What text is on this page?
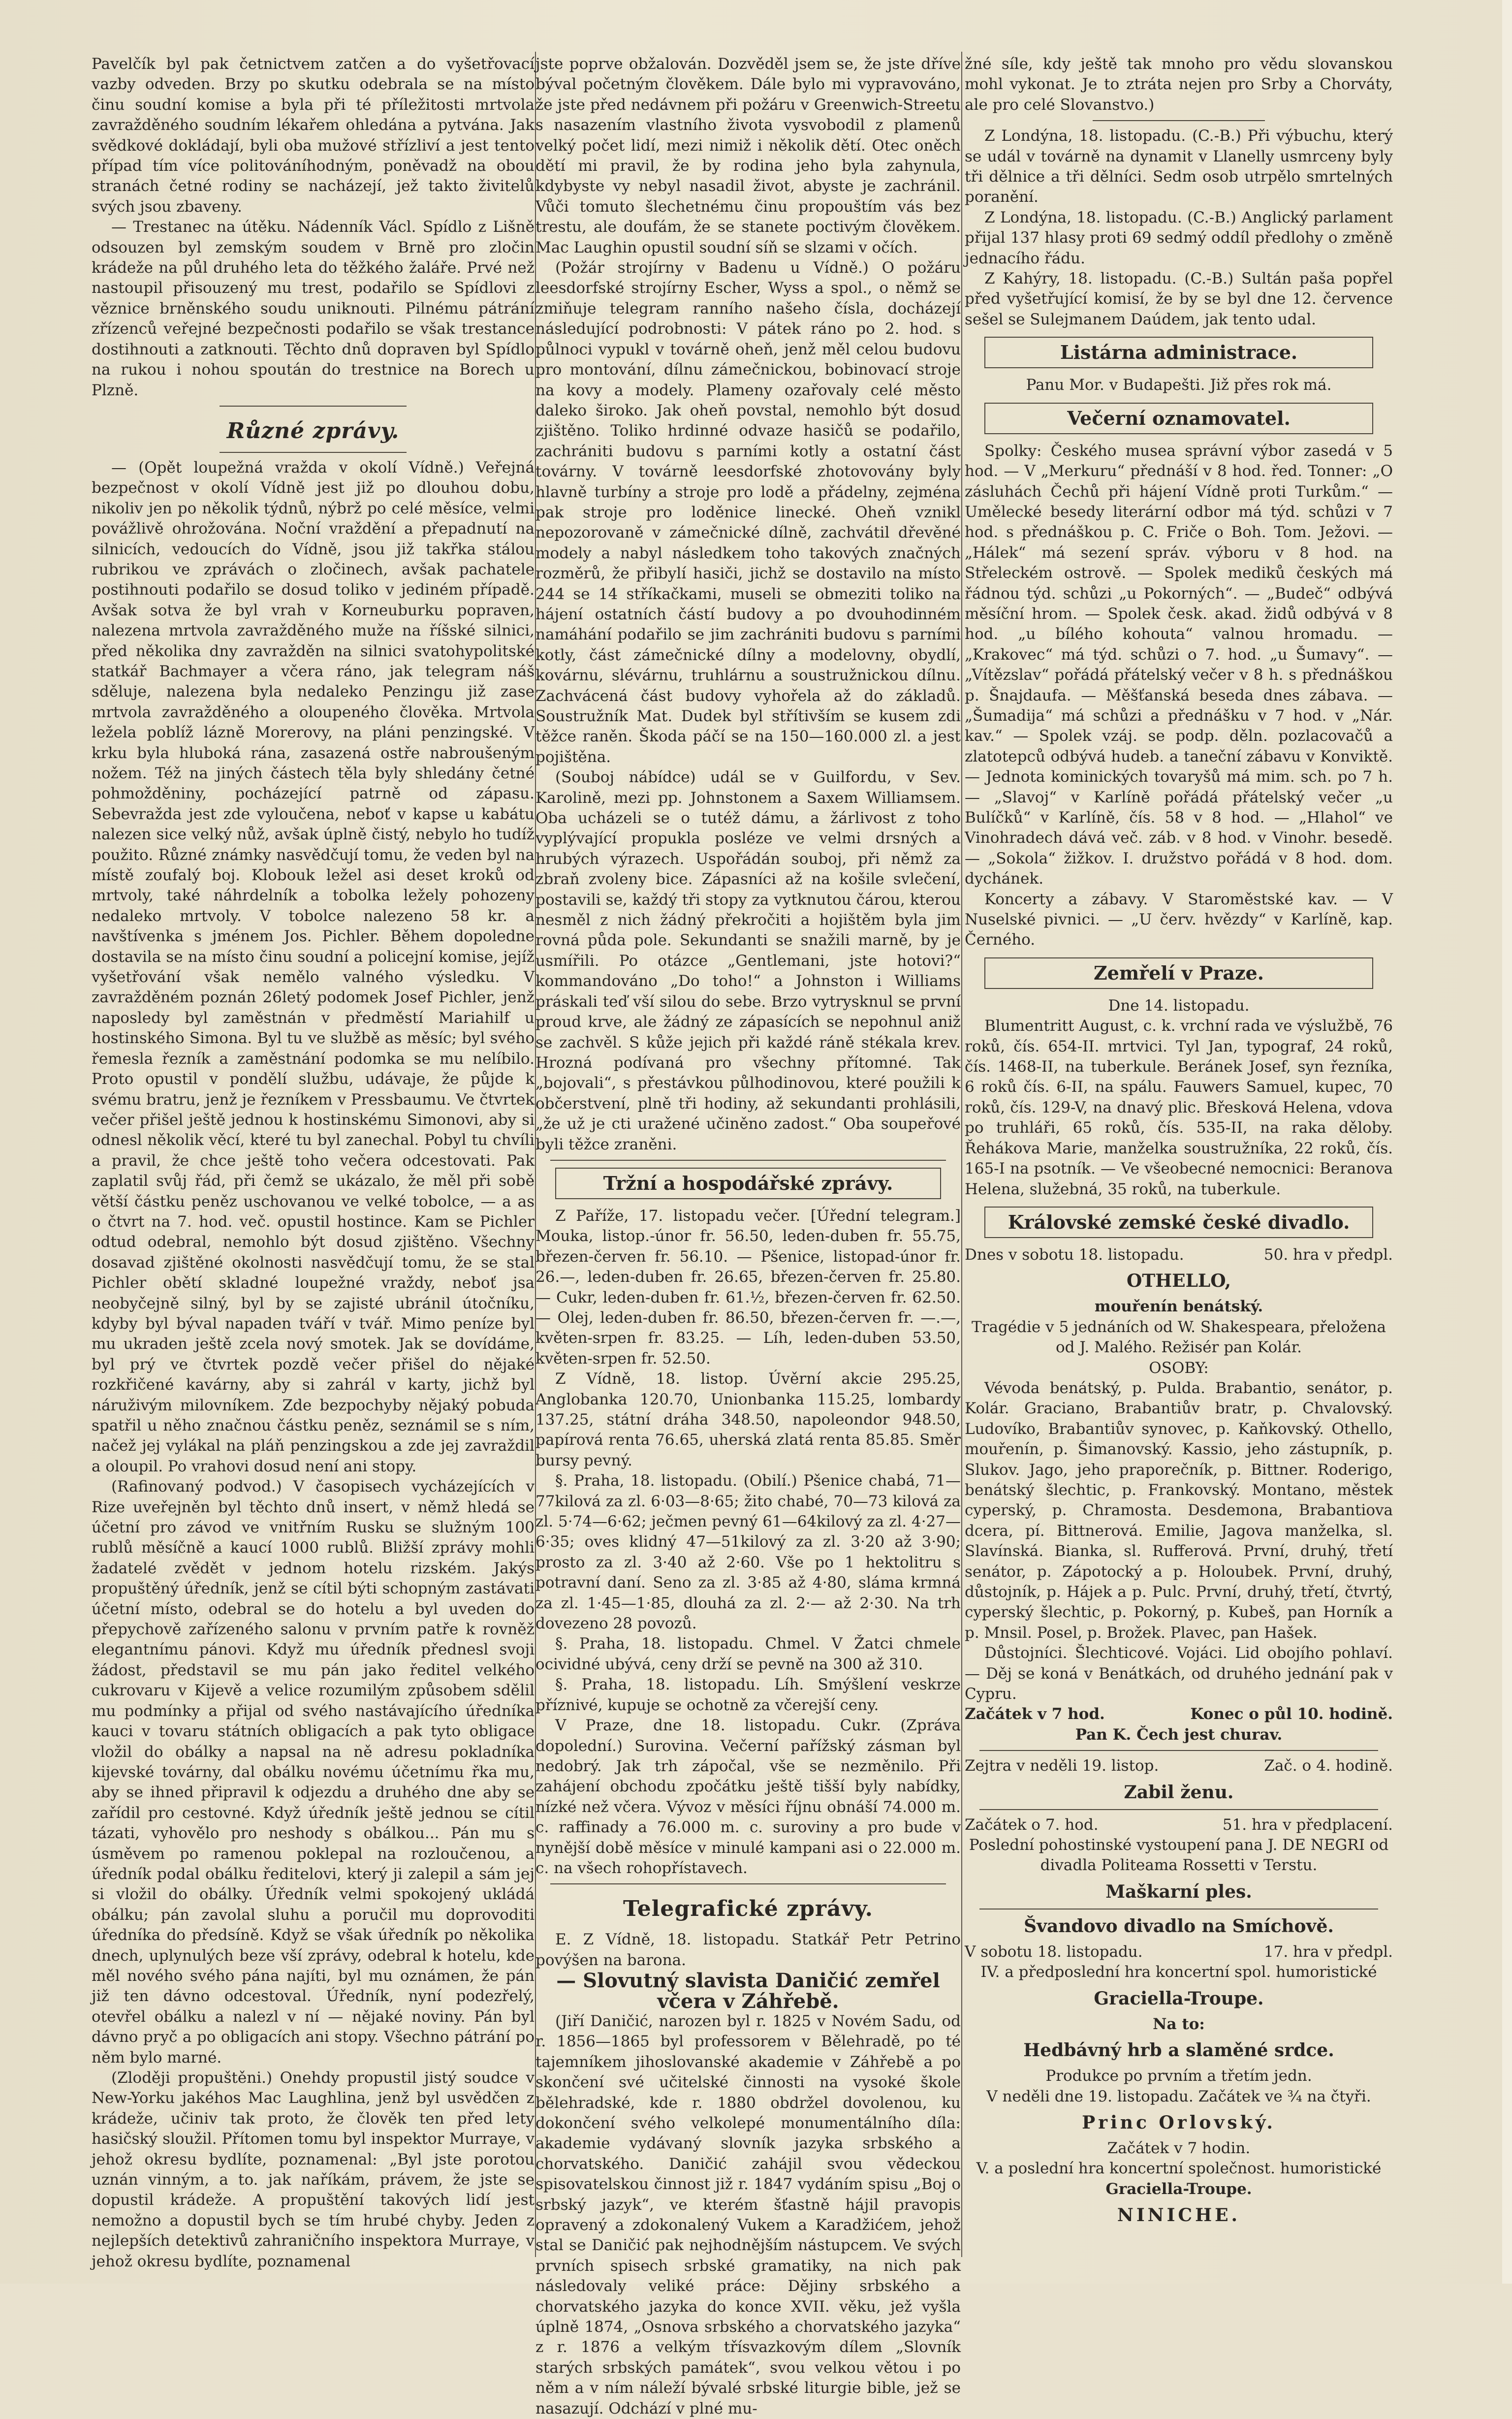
Pavelčík byl pak četnictvem zatčen a do vyšetřovací vazby odveden. Brzy po skutku odebrala se na místo činu soudní komise a byla při té příležitosti mrtvola zavražděného soudním lékařem ohledána a pytvána. Jak svědkové dokládají, byli oba mužové střízliví a jest tento případ tím více politováníhodným, poněvadž na obou stranách četné rodiny se nacházejí, jež takto živitelů svých jsou zbaveny.

— Trestanec na útěku. Nádenník Václ. Spídlo z Lišně odsouzen byl zemským soudem v Brně pro zločin krádeže na půl druhého leta do těžkého žaláře. Prvé než nastoupil přisouzený mu trest, podařilo se Spídlovi z věznice brněnského soudu uniknouti. Pilnému pátrání zřízenců veřejné bezpečnosti podařilo se však trestance dostihnouti a zatknouti. Těchto dnů dopraven byl Spídlo na rukou i nohou spoután do trestnice na Borech u Plzně.

Různé zprávy.

— (Opět loupežná vražda v okolí Vídně.) Veřejná bezpečnost v okolí Vídně jest již po dlouhou dobu, nikoliv jen po několik týdnů, nýbrž po celé měsíce, velmi povážlivě ohrožována. Noční vraždění a přepadnutí na silnicích, vedoucích do Vídně, jsou již takřka stálou rubrikou ve zprávách o zločinech, avšak pachatele postihnouti podařilo se dosud toliko v jediném případě. Avšak sotva že byl vrah v Korneuburku popraven, nalezena mrtvola zavražděného muže na říšské silnici, před několika dny zavražděn na silnici svatohypolitské statkář Bachmayer a včera ráno, jak telegram náš sděluje, nalezena byla nedaleko Penzingu již zase mrtvola zavražděného a oloupeného člověka. Mrtvola ležela poblíž lázně Morerovy, na pláni penzingské. V krku byla hluboká rána, zasazená ostře nabroušeným nožem. Též na jiných částech těla byly shledány četné pohmožděniny, pocházející patrně od zápasu. Sebevražda jest zde vyloučena, neboť v kapse u kabátu nalezen sice velký nůž, avšak úplně čistý, nebylo ho tudíž použito. Různé známky nasvědčují tomu, že veden byl na místě zoufalý boj. Klobouk ležel asi deset kroků od mrtvoly, také náhrdelník a tobolka ležely pohozeny nedaleko mrtvoly. V tobolce nalezeno 58 kr. a navštívenka s jménem Jos. Pichler. Během dopoledne dostavila se na místo činu soudní a policejní komise, jejíž vyšetřování však nemělo valného výsledku. V zavražděném poznán 26letý podomek Josef Pichler, jenž naposledy byl zaměstnán v předměstí Mariahilf u hostinského Simona. Byl tu ve službě as měsíc; byl svého řemesla řezník a zaměstnání podomka se mu nelíbilo. Proto opustil v pondělí službu, udávaje, že půjde k svému bratru, jenž je řezníkem v Pressbaumu. Ve čtvrtek večer přišel ještě jednou k hostinskému Simonovi, aby si odnesl několik věcí, které tu byl zanechal. Pobyl tu chvíli a pravil, že chce ještě toho večera odcestovati. Pak zaplatil svůj řád, při čemž se ukázalo, že měl při sobě větší částku peněz uschovanou ve velké tobolce, — a as o čtvrt na 7. hod. več. opustil hostince. Kam se Pichler odtud odebral, nemohlo být dosud zjištěno. Všechny dosavad zjištěné okolnosti nasvědčují tomu, že se stal Pichler obětí skladné loupežné vraždy, neboť jsa neobyčejně silný, byl by se zajisté ubránil útočníku, kdyby byl býval napaden tváří v tvář. Mimo peníze byl mu ukraden ještě zcela nový smotek. Jak se dovídáme, byl prý ve čtvrtek pozdě večer přišel do nějaké rozkřičené kavárny, aby si zahrál v karty, jichž byl náruživým milovníkem. Zde bezpochyby nějaký pobuda spatřil u něho značnou částku peněz, seznámil se s ním, načež jej vylákal na pláň penzingskou a zde jej zavraždil a oloupil. Po vrahovi dosud není ani stopy.

(Rafinovaný podvod.) V časopisech vycházejících v Rize uveřejněn byl těchto dnů insert, v němž hledá se účetní pro závod ve vnitřním Rusku se služným 100 rublů měsíčně a kaucí 1000 rublů. Bližší zprávy mohli žadatelé zvědět v jednom hotelu rizském. Jakýs propuštěný úředník, jenž se cítil býti schopným zastávati účetní místo, odebral se do hotelu a byl uveden do přepychově zařízeného salonu v prvním patře k rovněž elegantnímu pánovi. Když mu úředník přednesl svoji žádost, představil se mu pán jako ředitel velkého cukrovaru v Kijevě a velice rozumilým způsobem sdělil mu podmínky a přijal od svého nastávajícího úředníka kauci v tovaru státních obligacích a pak tyto obligace vložil do obálky a napsal na ně adresu pokladníka kijevské továrny, dal obálku novému účetnímu řka mu, aby se ihned připravil k odjezdu a druhého dne aby se zařídil pro cestovné. Když úředník ještě jednou se cítil tázati, vyhovělo pro neshody s obálkou... Pán mu s úsměvem po ramenou poklepal na rozloučenou, a úředník podal obálku ředitelovi, který ji zalepil a sám jej si vložil do obálky. Úředník velmi spokojený ukládá obálku; pán zavolal sluhu a poručil mu doprovoditi úředníka do předsíně. Když se však úředník po několika dnech, uplynulých beze vší zprávy, odebral k hotelu, kde měl nového svého pána najíti, byl mu oznámen, že pán již ten dávno odcestoval. Úředník, nyní podezřelý, otevřel obálku a nalezl v ní — nějaké noviny. Pán byl dávno pryč a po obligacích ani stopy. Všechno pátrání po něm bylo marné.

(Zloději propuštěni.) Onehdy propustil jistý soudce v New-Yorku jakéhos Mac Laughlina, jenž byl usvědčen z krádeže, učiniv tak proto, že člověk ten před lety hasičský sloužil. Přítomen tomu byl inspektor Murraye, v jehož okresu bydlíte, poznamenal: „Byl jste porotou uznán vinným, a to. jak naříkám, právem, že jste se dopustil krádeže. A propuštění takových lidí jest nemožno a dopustil bych se tím hrubé chyby. Jeden z nejlepších detektivů zahraničního inspektora Murraye, v jehož okresu bydlíte, poznamenal

jste poprve obžalován. Dozvěděl jsem se, že jste dříve býval početným člověkem. Dále bylo mi vypravováno, že jste před nedávnem při požáru v Greenwich-Streetu s nasazením vlastního života vysvobodil z plamenů velký počet lidí, mezi nimiž i několik dětí. Otec oněch dětí mi pravil, že by rodina jeho byla zahynula, kdybyste vy nebyl nasadil život, abyste je zachránil. Vůči tomuto šlechetnému činu propouštím vás bez trestu, ale doufám, že se stanete poctivým člověkem. Mac Laughin opustil soudní síň se slzami v očích.

(Požár strojírny v Badenu u Vídně.) O požáru leesdorfské strojírny Escher, Wyss a spol., o němž se zmiňuje telegram ranního našeho čísla, docházejí následující podrobnosti: V pátek ráno po 2. hod. s půlnoci vypukl v továrně oheň, jenž měl celou budovu pro montování, dílnu zámečnickou, bobinovací stroje na kovy a modely. Plameny ozařovaly celé město daleko široko. Jak oheň povstal, nemohlo být dosud zjištěno. Toliko hrdinné odvaze hasičů se podařilo, zachrániti budovu s parními kotly a ostatní část továrny. V továrně leesdorfské zhotovovány byly hlavně turbíny a stroje pro lodě a přádelny, zejména pak stroje pro loděnice linecké. Oheň vznikl nepozorovaně v zámečnické dílně, zachvátil dřevěné modely a nabyl následkem toho takových značných rozměrů, že přibylí hasiči, jichž se dostavilo na místo 244 se 14 stříkačkami, museli se obmeziti toliko na hájení ostatních částí budovy a po dvouhodinném namáhání podařilo se jim zachrániti budovu s parními kotly, část zámečnické dílny a modelovny, obydlí, kovárnu, slévárnu, truhlárnu a soustružnickou dílnu. Zachvácená část budovy vyhořela až do základů. Soustružník Mat. Dudek byl střítivším se kusem zdi těžce raněn. Škoda páčí se na 150—160.000 zl. a jest pojištěna.

(Souboj nábídce) udál se v Guilfordu, v Sev. Karolině, mezi pp. Johnstonem a Saxem Williamsem. Oba ucházeli se o tutéž dámu, a žárlivost z toho vyplývající propukla posléze ve velmi drsných a hrubých výrazech. Uspořádán souboj, při němž za zbraň zvoleny bice. Zápasníci až na košile svlečení, postavili se, každý tři stopy za vytknutou čárou, kterou nesměl z nich žádný překročiti a hojištěm byla jim rovná půda pole. Sekundanti se snažili marně, by je usmířili. Po otázce „Gentlemani, jste hotovi?“ kommandováno „Do toho!“ a Johnston i Williams práskali teď vší silou do sebe. Brzo vytrysknul se první proud krve, ale žádný ze zápasících se nepohnul aniž se zachvěl. S kůže jejich při každé ráně stékala krev. Hrozná podívaná pro všechny přítomné. Tak „bojovali“, s přestávkou půlhodinovou, které použili k občerstvení, plně tři hodiny, až sekundanti prohlásili, „že už je cti uražené učiněno zadost.“ Oba soupeřové byli těžce zraněni.

Tržní a hospodářské zprávy.

Z Paříže, 17. listopadu večer. [Úřední telegram.] Mouka, listop.-únor fr. 56.50, leden-duben fr. 55.75, březen-červen fr. 56.10. — Pšenice, listopad-únor fr. 26.—, leden-duben fr. 26.65, březen-červen fr. 25.80. — Cukr, leden-duben fr. 61.½, březen-červen fr. 62.50. — Olej, leden-duben fr. 86.50, březen-červen fr. —.—, květen-srpen fr. 83.25. — Líh, leden-duben 53.50, květen-srpen fr. 52.50.

Z Vídně, 18. listop. Úvěrní akcie 295.25, Anglobanka 120.70, Unionbanka 115.25, lombardy 137.25, státní dráha 348.50, napoleondor 948.50, papírová renta 76.65, uherská zlatá renta 85.85. Směr bursy pevný.

§. Praha, 18. listopadu. (Obilí.) Pšenice chabá, 71—77kilová za zl. 6·03—8·65; žito chabé, 70—73 kilová za zl. 5·74—6·62; ječmen pevný 61—64kilový za zl. 4·27—6·35; oves klidný 47—51kilový za zl. 3·20 až 3·90; prosto za zl. 3·40 až 2·60. Vše po 1 hektolitru s potravní daní. Seno za zl. 3·85 až 4·80, sláma krmná za zl. 1·45—1·85, dlouhá za zl. 2·— až 2·30. Na trh dovezeno 28 povozů.

§. Praha, 18. listopadu. Chmel. V Žatci chmele ocividné ubývá, ceny drží se pevně na 300 až 310.

§. Praha, 18. listopadu. Líh. Smýšlení veskrze příznivé, kupuje se ochotně za včerejší ceny.

V Praze, dne 18. listopadu. Cukr. (Zpráva dopolední.) Surovina. Večerní pařížský zásman byl nedobrý. Jak trh zápočal, vše se nezměnilo. Při zahájení obchodu zpočátku ještě tišší byly nabídky, nízké než včera. Vývoz v měsíci říjnu obnáší 74.000 m. c. raffinady a 76.000 m. c. suroviny a pro bude v nynější době měsíce v minulé kampani asi o 22.000 m. c. na všech rohopřístavech.

Telegrafické zprávy.

E. Z Vídně, 18. listopadu. Statkář Petr Petrino povýšen na barona.

— Slovutný slavista Daničić zemřel včera v Záhřebě.

(Jiří Daničić, narozen byl r. 1825 v Novém Sadu, od r. 1856—1865 byl professorem v Bělehradě, po té tajemníkem jihoslovanské akademie v Záhřebě a po skončení své učitelské činnosti na vysoké škole bělehradské, kde r. 1880 obdržel dovolenou, ku dokončení svého velkolepé monumentálního díla: akademie vydávaný slovník jazyka srbského a chorvatského. Daničić zahájil svou vědeckou spisovatelskou činnost již r. 1847 vydáním spisu „Boj o srbský jazyk“, ve kterém šťastně hájil pravopis opravený a zdokonalený Vukem a Karadžićem, jehož stal se Daničić pak nejhodnějším nástupcem. Ve svých prvních spisech srbské gramatiky, na nich pak následovaly veliké práce: Dějiny srbského a chorvatského jazyka do konce XVII. věku, jež vyšla úplně 1874, „Osnova srbského a chorvatského jazyka“ z r. 1876 a velkým třísvazkovým dílem „Slovník starých srbských památek“, svou velkou větou i po něm a v ním náleží bývalé srbské liturgie bible, jež se nasazují. Odchází v plné mu-

žné síle, kdy ještě tak mnoho pro vědu slovanskou mohl vykonat. Je to ztráta nejen pro Srby a Chorváty, ale pro celé Slovanstvo.)

Z Londýna, 18. listopadu. (C.-B.) Při výbuchu, který se udál v továrně na dynamit v Llanelly usmrceny byly tři dělnice a tři dělníci. Sedm osob utrpělo smrtelných poranění.

Z Londýna, 18. listopadu. (C.-B.) Anglický parlament přijal 137 hlasy proti 69 sedmý oddíl předlohy o změně jednacího řádu.

Z Kahýry, 18. listopadu. (C.-B.) Sultán paša popřel před vyšetřující komisí, že by se byl dne 12. července sešel se Sulejmanem Daúdem, jak tento udal.

Listárna administrace.

Panu Mor. v Budapešti. Již přes rok má.

Večerní oznamovatel.

Spolky: Českého musea správní výbor zasedá v 5 hod. — V „Merkuru“ přednáší v 8 hod. řed. Tonner: „O zásluhách Čechů při hájení Vídně proti Turkům.“ — Umělecké besedy literární odbor má týd. schůzi v 7 hod. s přednáškou p. C. Friče o Boh. Tom. Ježovi. — „Hálek“ má sezení správ. výboru v 8 hod. na Střeleckém ostrově. — Spolek mediků českých má řádnou týd. schůzi „u Pokorných“. — „Budeč“ odbývá měsíční hrom. — Spolek česk. akad. židů odbývá v 8 hod. „u bílého kohouta“ valnou hromadu. — „Krakovec“ má týd. schůzi o 7. hod. „u Šumavy“. — „Vítězslav“ pořádá přátelský večer v 8 h. s přednáškou p. Šnajdaufa. — Měšťanská beseda dnes zábava. — „Šumadija“ má schůzi a přednášku v 7 hod. v „Nár. kav.“ — Spolek vzáj. se podp. děln. pozlacovačů a zlatotepců odbývá hudeb. a taneční zábavu v Konviktě. — Jednota kominických tovaryšů má mim. sch. po 7 h. — „Slavoj“ v Karlíně pořádá přátelský večer „u Bulíčků“ v Karlíně, čís. 58 v 8 hod. — „Hlahol“ ve Vinohradech dává več. záb. v 8 hod. v Vinohr. besedě. — „Sokola“ žižkov. I. družstvo pořádá v 8 hod. dom. dychánek.

Koncerty a zábavy. V Staroměstské kav. — V Nuselské pivnici. — „U červ. hvězdy“ v Karlíně, kap. Černého.

Zemřelí v Praze.

Dne 14. listopadu.

Blumentritt August, c. k. vrchní rada ve výslužbě, 76 roků, čís. 654-II. mrtvici. Tyl Jan, typograf, 24 roků, čís. 1468-II, na tuberkule. Beránek Josef, syn řezníka, 6 roků čís. 6-II, na spálu. Fauwers Samuel, kupec, 70 roků, čís. 129-V, na dnavý plic. Břesková Helena, vdova po truhláři, 65 roků, čís. 535-II, na raka děloby. Řehákova Marie, manželka soustružníka, 22 roků, čís. 165-I na psotník. — Ve všeobecné nemocnici: Beranova Helena, služebná, 35 roků, na tuberkule.

Královské zemské české divadlo.

Dnes v sobotu 18. listopadu.	50. hra v předpl.

OTHELLO,

mouřenín benátský.

Tragédie v 5 jednáních od W. Shakespeara, přeložena od J. Malého. Režisér pan Kolár.

OSOBY:

Vévoda benátský, p. Pulda. Brabantio, senátor, p. Kolár. Graciano, Brabantiův bratr, p. Chvalovský. Ludovíko, Brabantiův synovec, p. Kaňkovský. Othello, mouřenín, p. Šimanovský. Kassio, jeho zástupník, p. Slukov. Jago, jeho praporečník, p. Bittner. Roderigo, benátský šlechtic, p. Frankovský. Montano, městek cyperský, p. Chramosta. Desdemona, Brabantiova dcera, pí. Bittnerová. Emilie, Jagova manželka, sl. Slavínská. Bianka, sl. Rufferová. První, druhý, třetí senátor, p. Zápotocký a p. Holoubek. První, druhý, důstojník, p. Hájek a p. Pulc. První, druhý, třetí, čtvrtý, cyperský šlechtic, p. Pokorný, p. Kubeš, pan Horník a p. Mnsil. Posel, p. Brožek. Plavec, pan Hašek.

Důstojníci. Šlechticové. Vojáci. Lid obojího pohlaví. — Děj se koná v Benátkách, od druhého jednání pak v Cypru.

Začátek v 7 hod.	Konec o půl 10. hodině.

Pan K. Čech jest churav.

Zejtra v neděli 19. listop.	Zač. o 4. hodině.

Zabil ženu.

Začátek o 7. hod.	51. hra v předplacení.

Poslední pohostinské vystoupení pana J. DE NEGRI od divadla Politeama Rossetti v Terstu.

Maškarní ples.
Švandovo divadlo na Smíchově.

V sobotu 18. listopadu.	17. hra v předpl.

IV. a předposlední hra koncertní spol. humoristické

Graciella-Troupe.

Na to:

Hedbávný hrb a slaměné srdce.

Produkce po prvním a třetím jedn.

V neděli dne 19. listopadu. Začátek ve ¾ na čtyři.

Princ Orlovský.

Začátek v 7 hodin.

V. a poslední hra koncertní společnost. humoristické

Graciella-Troupe.

NINICHE.
